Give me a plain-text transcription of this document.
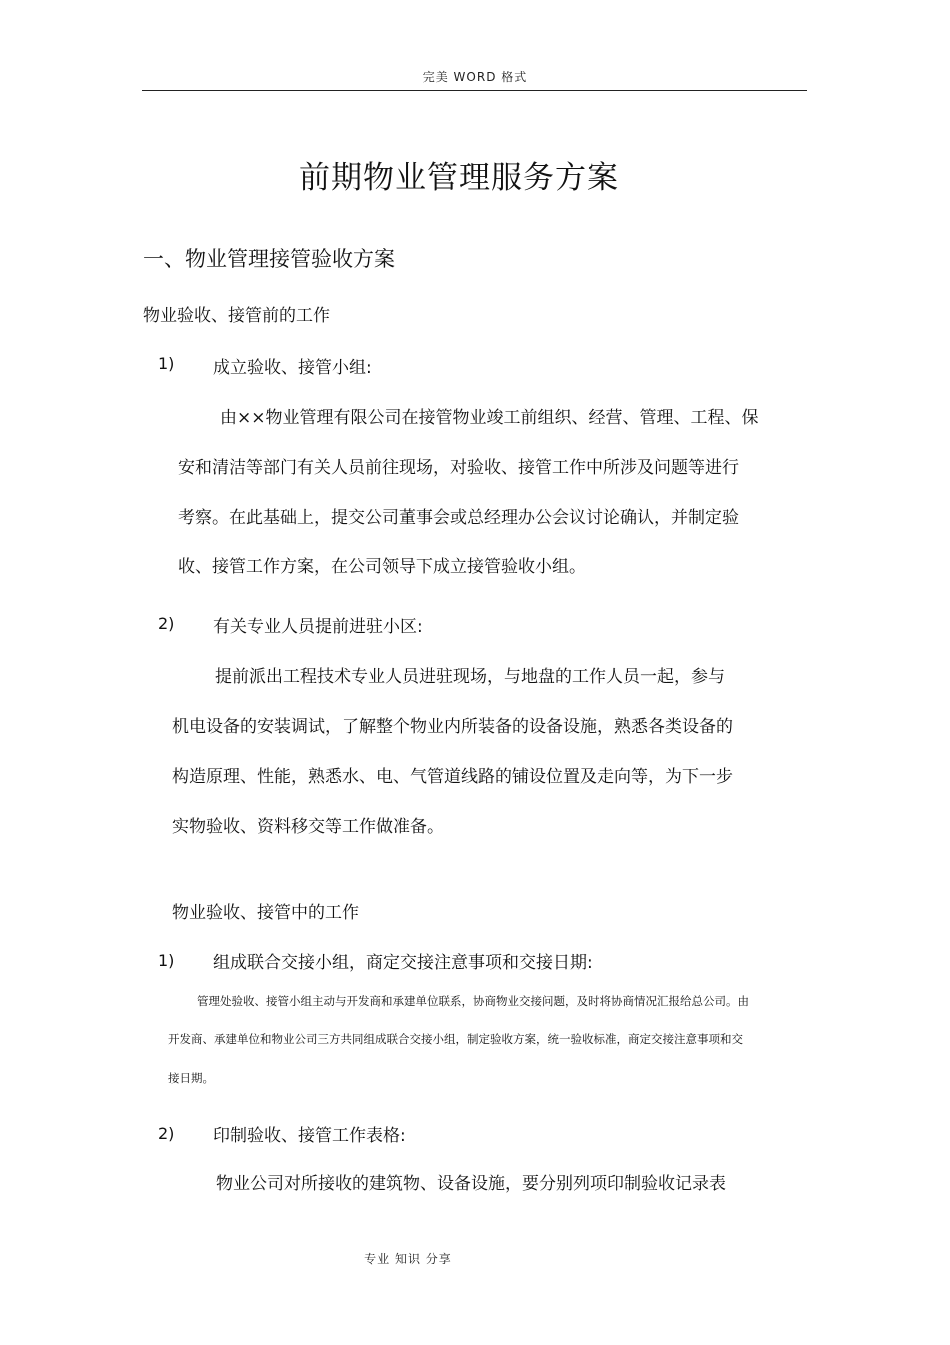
完美 WORD 格式
前期物业管理服务方案
一、物业管理接管验收方案
物业验收、接管前的工作
1) 成立验收、接管小组:
由××物业管理有限公司在接管物业竣工前组织、经营、管理、工程、保
安和清洁等部门有关人员前往现场，对验收、接管工作中所涉及问题等进行
考察。在此基础上，提交公司董事会或总经理办公会议讨论确认，并制定验
收、接管工作方案，在公司领导下成立接管验收小组。
2) 有关专业人员提前进驻小区:
提前派出工程技术专业人员进驻现场，与地盘的工作人员一起，参与
机电设备的安装调试，了解整个物业内所装备的设备设施，熟悉各类设备的
构造原理、性能，熟悉水、电、气管道线路的铺设位置及走向等，为下一步
实物验收、资料移交等工作做准备。
物业验收、接管中的工作
1) 组成联合交接小组，商定交接注意事项和交接日期:
管理处验收、接管小组主动与开发商和承建单位联系，协商物业交接问题，及时将协商情况汇报给总公司。由
开发商、承建单位和物业公司三方共同组成联合交接小组，制定验收方案，统一验收标准，商定交接注意事项和交
接日期。
2) 印制验收、接管工作表格:
物业公司对所接收的建筑物、设备设施，要分别列项印制验收记录表
专业 知识 分享
